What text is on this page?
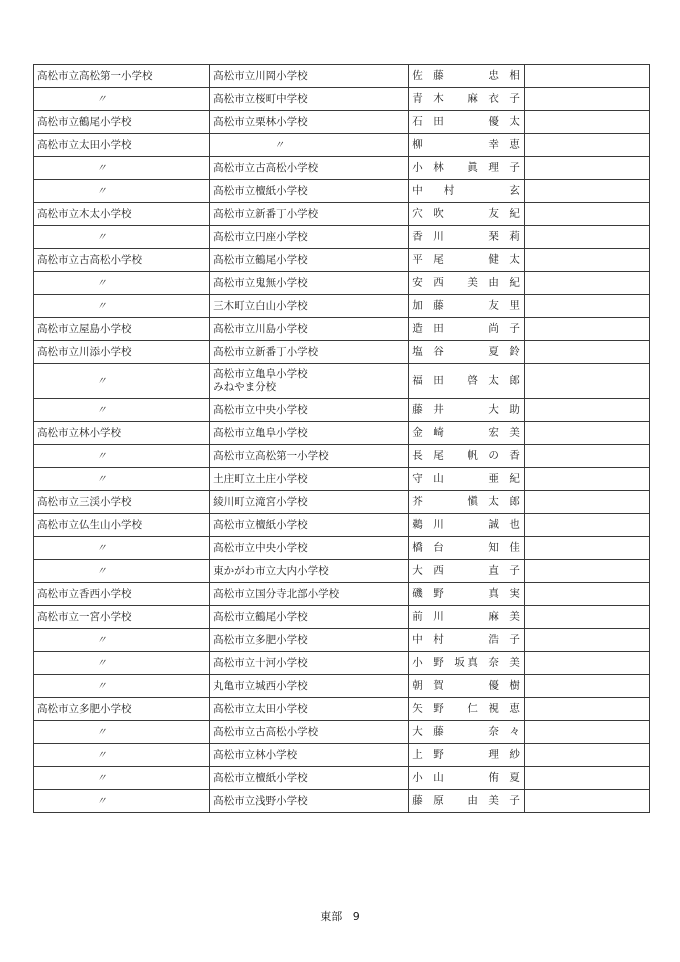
高松市立高松第一小学校	高松市立川岡小学校	佐　藤 忠　相	

〃	高松市立桜町中学校	青　木 麻　衣　子	

高松市立鶴尾小学校	高松市立栗林小学校	石　田 優　太	

高松市立太田小学校	〃	柳 幸　恵	

〃	高松市立古高松小学校	小　林 眞　理　子	

〃	高松市立檀紙小学校	中　　村 玄	

高松市立木太小学校	高松市立新番丁小学校	穴　吹 友　紀	

〃	高松市立円座小学校	香　川 琹　莉	

高松市立古高松小学校	高松市立鶴尾小学校	平　尾 健　太	

〃	高松市立鬼無小学校	安　西 美　由　紀	

〃	三木町立白山小学校	加　藤 友　里	

高松市立屋島小学校	高松市立川島小学校	造　田 尚　子	

高松市立川添小学校	高松市立新番丁小学校	塩　谷 夏　鈴	

〃	高松市立亀阜小学校
みねやま分校	福　田 啓　太　郎	

〃	高松市立中央小学校	藤　井 大　助	

高松市立林小学校	高松市立亀阜小学校	金　崎 宏　美	

〃	高松市立高松第一小学校	長　尾 帆　の　香	

〃	土庄町立土庄小学校	守　山 亜　紀	

高松市立三渓小学校	綾川町立滝宮小学校	芥 愼　太　郎	

高松市立仏生山小学校	高松市立檀紙小学校	鵜　川 誠　也	

〃	高松市立中央小学校	橋　台 知　佳	

〃	東かがわ市立大内小学校	大　西 直　子	

高松市立香西小学校	高松市立国分寺北部小学校	磯　野 真　実	

高松市立一宮小学校	高松市立鶴尾小学校	前　川 麻　美	

〃	高松市立多肥小学校	中　村 浩　子	

〃	高松市立十河小学校	小　野　坂 真　奈　美	

〃	丸亀市立城西小学校	朝　賀 優　樹	

高松市立多肥小学校	高松市立太田小学校	矢　野 仁　視　恵	

〃	高松市立古高松小学校	大　藤 奈　々	

〃	高松市立林小学校	上　野 理　紗	

〃	高松市立檀紙小学校	小　山 侑　夏	

〃	高松市立浅野小学校	藤　原 由　美　子	

東部 9
